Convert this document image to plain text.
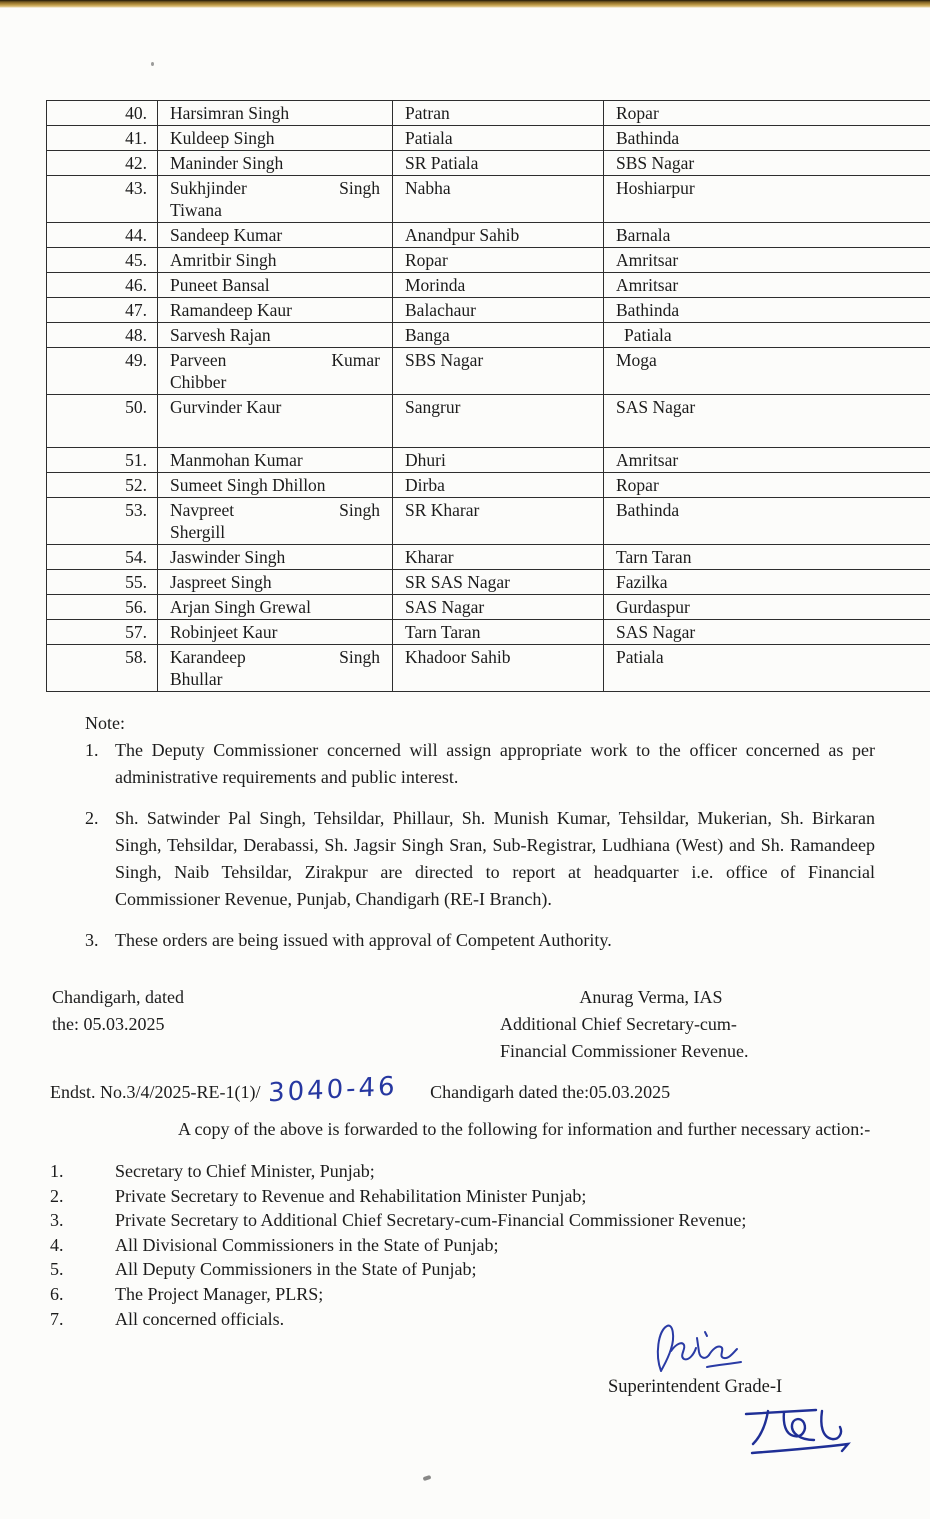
40.	Harsimran Singh	Patran	Ropar
41.	Kuldeep Singh	Patiala	Bathinda
42.	Maninder Singh	SR Patiala	SBS Nagar
43.	Sukhjinder Singh
Tiwana	Nabha	Hoshiarpur
44.	Sandeep Kumar	Anandpur Sahib	Barnala
45.	Amritbir Singh	Ropar	Amritsar
46.	Puneet Bansal	Morinda	Amritsar
47.	Ramandeep Kaur	Balachaur	Bathinda
48.	Sarvesh Rajan	Banga	Patiala
49.	Parveen Kumar
Chibber	SBS Nagar	Moga
50.	Gurvinder Kaur	Sangrur	SAS Nagar
51.	Manmohan Kumar	Dhuri	Amritsar
52.	Sumeet Singh Dhillon	Dirba	Ropar
53.	Navpreet Singh
Shergill	SR Kharar	Bathinda
54.	Jaswinder Singh	Kharar	Tarn Taran
55.	Jaspreet Singh	SR SAS Nagar	Fazilka
56.	Arjan Singh Grewal	SAS Nagar	Gurdaspur
57.	Robinjeet Kaur	Tarn Taran	SAS Nagar
58.	Karandeep Singh
Bhullar	Khadoor Sahib	Patiala
Note:
1. The Deputy Commissioner concerned will assign appropriate work to the officer concerned as per administrative requirements and public interest.
2. Sh. Satwinder Pal Singh, Tehsildar, Phillaur, Sh. Munish Kumar, Tehsildar, Mukerian, Sh. Birkaran Singh, Tehsildar, Derabassi, Sh. Jagsir Singh Sran, Sub-Registrar, Ludhiana (West) and Sh. Ramandeep Singh, Naib Tehsildar, Zirakpur are directed to report at headquarter i.e. office of Financial Commissioner Revenue, Punjab, Chandigarh (RE-I Branch).
3. These orders are being issued with approval of Competent Authority.
Chandigarh, dated
the: 05.03.2025
Anurag Verma, IAS
Additional Chief Secretary-cum-
Financial Commissioner Revenue.
Endst. No.3/4/2025-RE-1(1)/ 3040-46 Chandigarh dated the:05.03.2025
A copy of the above is forwarded to the following for information and further necessary action:-
1.	Secretary to Chief Minister, Punjab;
2.	Private Secretary to Revenue and Rehabilitation Minister Punjab;
3.	Private Secretary to Additional Chief Secretary-cum-Financial Commissioner Revenue;
4.	All Divisional Commissioners in the State of Punjab;
5.	All Deputy Commissioners in the State of Punjab;
6.	The Project Manager, PLRS;
7.	All concerned officials.
Superintendent Grade-I
